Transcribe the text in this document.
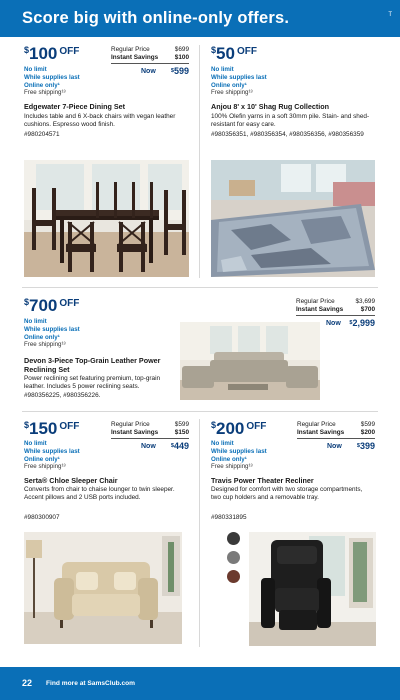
Score big with online-only offers.	T
$100 $^{OFF}$
No limit
While supplies last
Online only¹
Free shipping¹³
Regular Price	$699
Instant Savings	$100
Now	$599
Edgewater 7-Piece Dining Set
Includes table and 6 X-back chairs with vegan leather cushions. Espresso wood finish.
#980204571
$50 $^{OFF}$
No limit
While supplies last
Online only¹
Free shipping¹³
Anjou 8' x 10' Shag Rug Collection
100% Olefin yarns in a soft 30mm pile. Stain- and shed-resistant for easy care.
#980356351, #980356354, #980356356, #980356359
$700 $^{OFF}$
No limit
While supplies last
Online only¹
Free shipping¹³
Devon 3-Piece Top-Grain Leather Power Reclining Set
Power reclining set featuring premium, top-grain leather. Includes 5 power reclining seats.
#980356225, #980356226.
Regular Price	$3,699
Instant Savings	$700
Now $2,999
$150 $^{OFF}$
No limit
While supplies last
Online only¹
Free shipping¹³
Regular Price	$599
Instant Savings	$150
Now	$449
Serta® Chloe Sleeper Chair
Converts from chair to chaise lounger to twin sleeper. Accent pillows and 2 USB ports included.
#980300907
$200 $^{OFF}$
No limit
While supplies last
Online only¹
Free shipping¹³
Regular Price	$599
Instant Savings	$200
Now	$399
Travis Power Theater Recliner
Designed for comfort with two storage compartments, two cup holders and a removable tray.
#980331895
22 Find more at SamsClub.com
